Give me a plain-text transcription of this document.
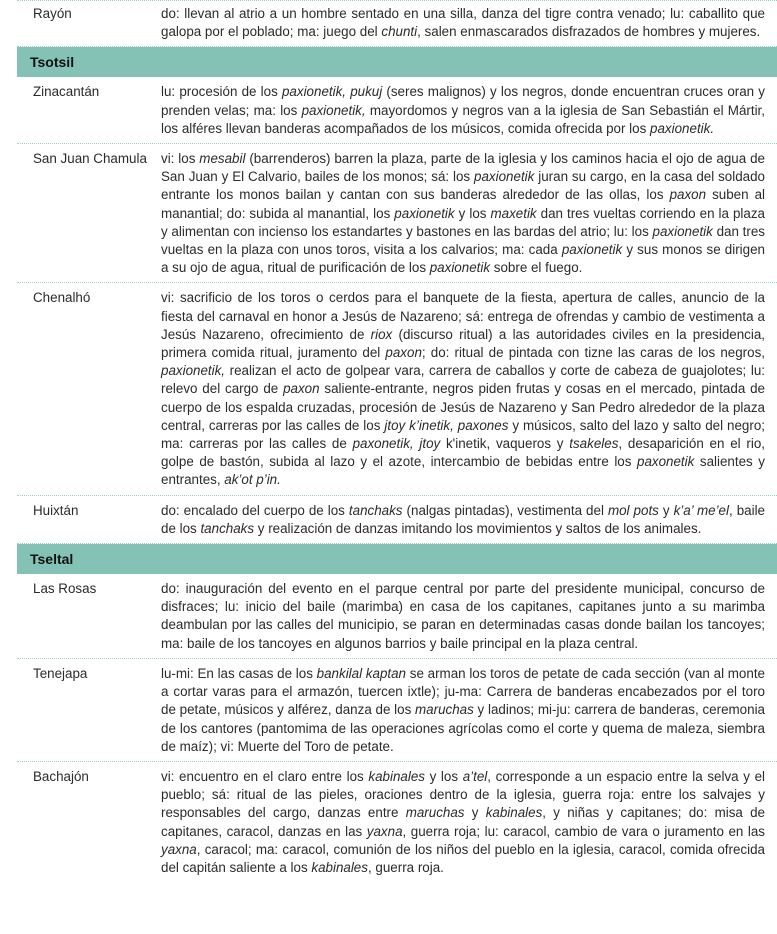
Rayón	do: llevan al atrio a un hombre sentado en una silla, danza del tigre contra venado; lu: caballito que galopa por el poblado; ma: juego del chunti, salen enmascarados disfrazados de hombres y mujeres.
Tsotsil
Zinacantán	lu: procesión de los paxionetik, pukuj (seres malignos) y los negros, donde encuentran cruces oran y prenden velas; ma: los paxionetik, mayordomos y negros van a la iglesia de San Sebastián el Mártir, los alféres llevan banderas acompañados de los músicos, comida ofrecida por los paxionetik.
San Juan Chamula	vi: los mesabil (barrenderos) barren la plaza, parte de la iglesia y los caminos hacia el ojo de agua de San Juan y El Calvario, bailes de los monos; sá: los paxionetik juran su cargo, en la casa del soldado entrante los monos bailan y cantan con sus banderas alrededor de las ollas, los paxon suben al manantial; do: subida al manantial, los paxionetik y los maxetik dan tres vueltas corriendo en la plaza y alimentan con incienso los estandartes y bastones en las bardas del atrio; lu: los paxionetik dan tres vueltas en la plaza con unos toros, visita a los calvarios; ma: cada paxionetik y sus monos se dirigen a su ojo de agua, ritual de purificación de los paxionetik sobre el fuego.
Chenalhó	vi: sacrificio de los toros o cerdos para el banquete de la fiesta, apertura de calles, anuncio de la fiesta del carnaval en honor a Jesús de Nazareno; sá: entrega de ofrendas y cambio de vestimenta a Jesús Nazareno, ofrecimiento de riox (discurso ritual) a las autoridades civiles en la presidencia, primera comida ritual, juramento del paxon; do: ritual de pintada con tizne las caras de los negros, paxionetik, realizan el acto de golpear vara, carrera de caballos y corte de cabeza de guajolotes; lu: relevo del cargo de paxon saliente-entrante, negros piden frutas y cosas en el mercado, pintada de cuerpo de los espalda cruzadas, procesión de Jesús de Nazareno y San Pedro alrededor de la plaza central, carreras por las calles de los jtoy k’inetik, paxones y músicos, salto del lazo y salto del negro; ma: carreras por las calles de paxonetik, jtoy k'inetik, vaqueros y tsakeles, desaparición en el rio, golpe de bastón, subida al lazo y el azote, intercambio de bebidas entre los paxonetik salientes y entrantes, ak’ot p’in.
Huixtán	do: encalado del cuerpo de los tanchaks (nalgas pintadas), vestimenta del mol pots y k’a’ me’el, baile de los tanchaks y realización de danzas imitando los movimientos y saltos de los animales.
Tseltal
Las Rosas	do: inauguración del evento en el parque central por parte del presidente municipal, concurso de disfraces; lu: inicio del baile (marimba) en casa de los capitanes, capitanes junto a su marimba deambulan por las calles del municipio, se paran en determinadas casas donde bailan los tancoyes; ma: baile de los tancoyes en algunos barrios y baile principal en la plaza central.
Tenejapa	lu-mi: En las casas de los bankilal kaptan se arman los toros de petate de cada sección (van al monte a cortar varas para el armazón, tuercen ixtle); ju-ma: Carrera de banderas encabezados por el toro de petate, músicos y alférez, danza de los maruchas y ladinos; mi-ju: carrera de banderas, ceremonia de los cantores (pantomima de las operaciones agrícolas como el corte y quema de maleza, siembra de maíz); vi: Muerte del Toro de petate.
Bachajón	vi: encuentro en el claro entre los kabinales y los a’tel, corresponde a un espacio entre la selva y el pueblo; sá: ritual de las pieles, oraciones dentro de la iglesia, guerra roja: entre los salvajes y responsables del cargo, danzas entre maruchas y kabinales, y niñas y capitanes; do: misa de capitanes, caracol, danzas en las yaxna, guerra roja; lu: caracol, cambio de vara o juramento en las yaxna, caracol; ma: caracol, comunión de los niños del pueblo en la iglesia, caracol, comida ofrecida del capitán saliente a los kabinales, guerra roja.
